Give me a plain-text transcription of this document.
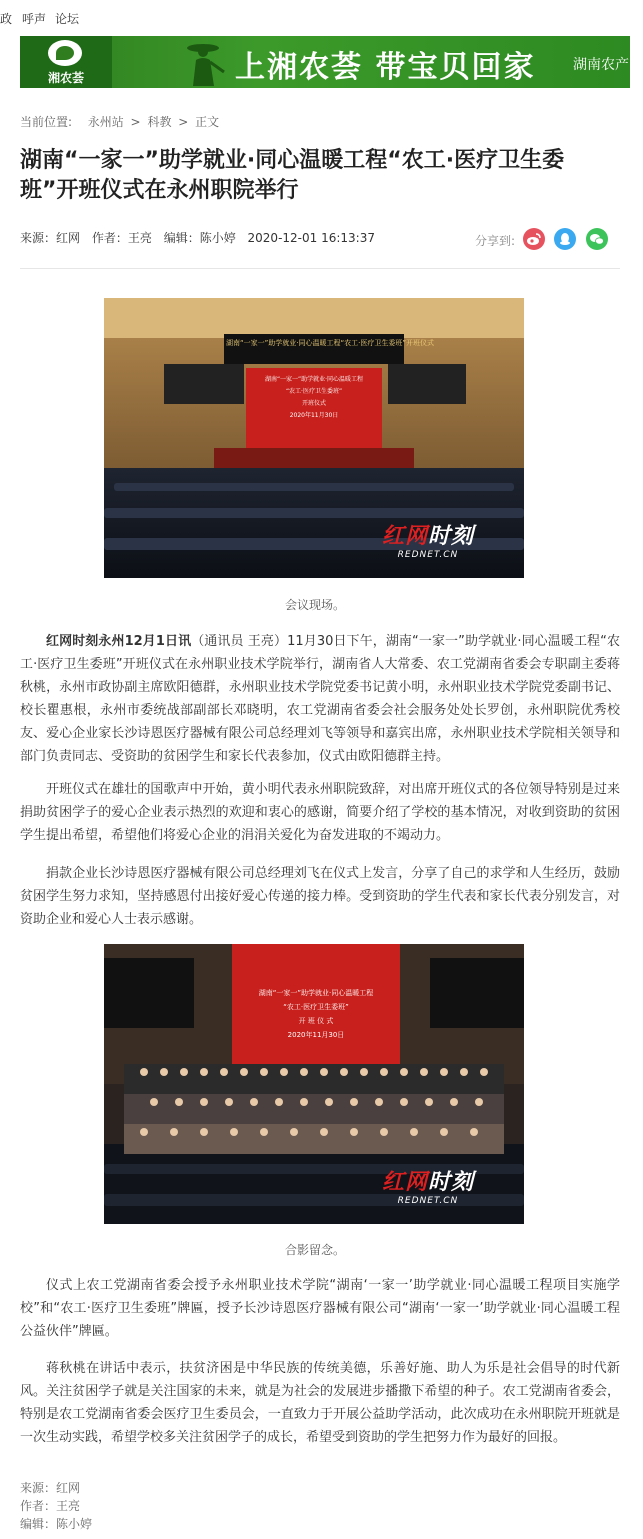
政 呼声 论坛
湘农荟	上湘农荟 带宝贝回家	湖南农产品
当前位置: 永州站 > 科教 > 正文
湖南“一家一”助学就业·同心温暖工程“农工·医疗卫生委班”开班仪式在永州职院举行
来源：红网 作者：王亮 编辑：陈小婷 2020-12-01 16:13:37	分享到:
湖南“一家一”助学就业·同心温暖工程“农工·医疗卫生委班”开班仪式
湖南“一家一”助学就业·同心温暖工程
“农工·医疗卫生委班”
开班仪式
2020年11月30日
红网时刻
REDNET.CN
会议现场。

红网时刻永州12月1日讯（通讯员 王亮）11月30日下午，湖南“一家一”助学就业·同心温暖工程“农工·医疗卫生委班”开班仪式在永州职业技术学院举行，湖南省人大常委、农工党湖南省委会专职副主委蒋秋桃，永州市政协副主席欧阳德群，永州职业技术学院党委书记黄小明，永州职业技术学院党委副书记、校长瞿惠根，永州市委统战部副部长邓晓明，农工党湖南省委会社会服务处处长罗创，永州职院优秀校友、爱心企业家长沙诗恩医疗器械有限公司总经理刘飞等领导和嘉宾出席，永州职业技术学院相关领导和部门负责同志、受资助的贫困学生和家长代表参加，仪式由欧阳德群主持。

开班仪式在雄壮的国歌声中开始，黄小明代表永州职院致辞，对出席开班仪式的各位领导特别是过来捐助贫困学子的爱心企业表示热烈的欢迎和衷心的感谢，简要介绍了学校的基本情况，对收到资助的贫困学生提出希望，希望他们将爱心企业的涓涓关爱化为奋发进取的不竭动力。

捐款企业长沙诗恩医疗器械有限公司总经理刘飞在仪式上发言，分享了自己的求学和人生经历，鼓励贫困学生努力求知，坚持感恩付出接好爱心传递的接力棒。受到资助的学生代表和家长代表分别发言，对资助企业和爱心人士表示感谢。

湖南“一家一”助学就业·同心温暖工程
“农工·医疗卫生委班”
开 班 仪 式
2020年11月30日
红网时刻
REDNET.CN
合影留念。

仪式上农工党湖南省委会授予永州职业技术学院“湖南‘一家一’助学就业·同心温暖工程项目实施学校”和“农工·医疗卫生委班”牌匾，授予长沙诗恩医疗器械有限公司“湖南‘一家一’助学就业·同心温暖工程公益伙伴”牌匾。

蒋秋桃在讲话中表示，扶贫济困是中华民族的传统美德，乐善好施、助人为乐是社会倡导的时代新风。关注贫困学子就是关注国家的未来，就是为社会的发展进步播撒下希望的种子。农工党湖南省委会，特别是农工党湖南省委会医疗卫生委员会，一直致力于开展公益助学活动，此次成功在永州职院开班就是一次生动实践，希望学校多关注贫困学子的成长，希望受到资助的学生把努力作为最好的回报。

来源：红网
作者：王亮
编辑：陈小婷
